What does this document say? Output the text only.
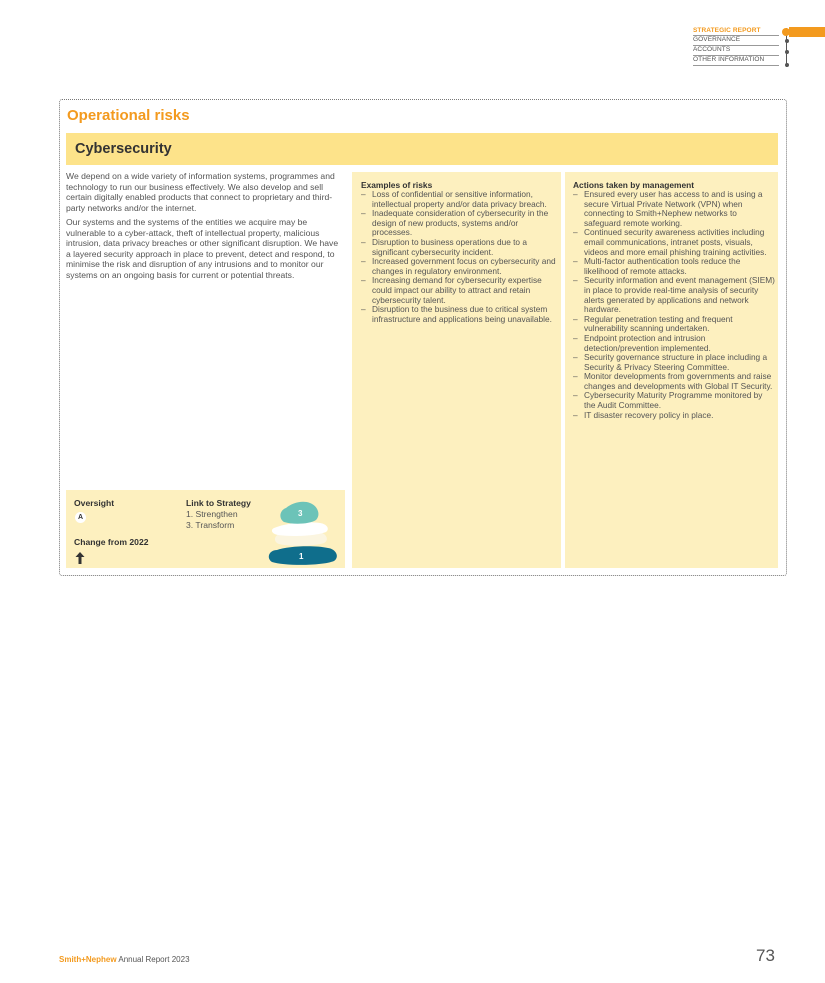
STRATEGIC REPORT
GOVERNANCE
ACCOUNTS
OTHER INFORMATION
Operational risks
Cybersecurity

We depend on a wide variety of information systems, programmes and technology to run our business effectively. We also develop and sell certain digitally enabled products that connect to proprietary and third-party networks and/or the internet.

Our systems and the systems of the entities we acquire may be vulnerable to a cyber-attack, theft of intellectual property, malicious intrusion, data privacy breaches or other significant disruption. We have a layered security approach in place to prevent, detect and respond, to minimise the risk and disruption of any intrusions and to monitor our systems on an ongoing basis for current or potential threats.

Oversight
A
Link to Strategy
1. Strengthen
3. Transform
Change from 2022
3
1
Examples of risks
– Loss of confidential or sensitive information, intellectual property and/or data privacy breach.
– Inadequate consideration of cybersecurity in the design of new products, systems and/or processes.
– Disruption to business operations due to a significant cybersecurity incident.
– Increased government focus on cybersecurity and changes in regulatory environment.
– Increasing demand for cybersecurity expertise could impact our ability to attract and retain cybersecurity talent.
– Disruption to the business due to critical system infrastructure and applications being unavailable.
Actions taken by management
– Ensured every user has access to and is using a secure Virtual Private Network (VPN) when connecting to Smith+Nephew networks to safeguard remote working.
– Continued security awareness activities including email communications, intranet posts, visuals, videos and more email phishing training activities.
– Multi-factor authentication tools reduce the likelihood of remote attacks.
– Security information and event management (SIEM) in place to provide real-time analysis of security alerts generated by applications and network hardware.
– Regular penetration testing and frequent vulnerability scanning undertaken.
– Endpoint protection and intrusion detection/prevention implemented.
– Security governance structure in place including a Security & Privacy Steering Committee.
– Monitor developments from governments and raise changes and developments with Global IT Security.
– Cybersecurity Maturity Programme monitored by the Audit Committee.
– IT disaster recovery policy in place.
Smith+Nephew Annual Report 2023	73
